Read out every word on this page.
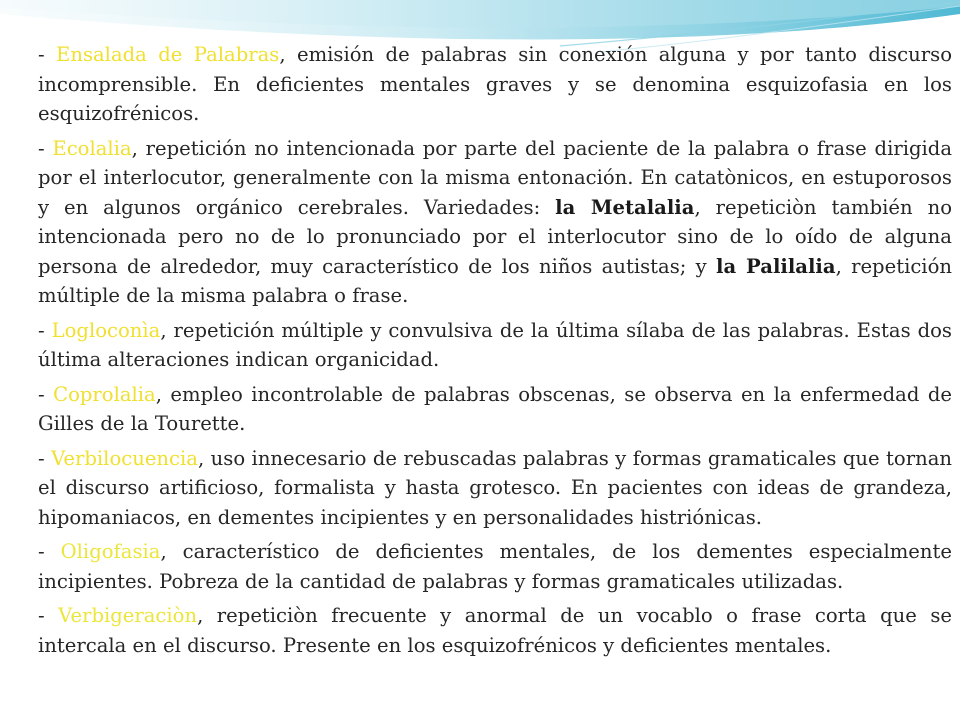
- Ensalada de Palabras, emisión de palabras sin conexión alguna y por tanto discurso incomprensible. En deficientes mentales graves y se denomina esquizofasia en los esquizofrénicos.

- Ecolalia, repetición no intencionada por parte del paciente de la palabra o frase dirigida por el interlocutor, generalmente con la misma entonación. En catatònicos, en estuporosos y en algunos orgánico cerebrales. Variedades: la Metalalia, repeticiòn también no intencionada pero no de lo pronunciado por el interlocutor sino de lo oído de alguna persona de alrededor, muy característico de los niños autistas; y la Palilalia, repetición múltiple de la misma palabra o frase.

- Logloconìa, repetición múltiple y convulsiva de la última sílaba de las palabras. Estas dos última alteraciones indican organicidad.

- Coprolalia, empleo incontrolable de palabras obscenas, se observa en la enfermedad de Gilles de la Tourette.

- Verbilocuencia, uso innecesario de rebuscadas palabras y formas gramaticales que tornan el discurso artificioso, formalista y hasta grotesco. En pacientes con ideas de grandeza, hipomaniacos, en dementes incipientes y en personalidades histriónicas.

- Oligofasia, característico de deficientes mentales, de los dementes especialmente incipientes. Pobreza de la cantidad de palabras y formas gramaticales utilizadas.

- Verbigeraciòn, repeticiòn frecuente y anormal de un vocablo o frase corta que se intercala en el discurso. Presente en los esquizofrénicos y deficientes mentales.
